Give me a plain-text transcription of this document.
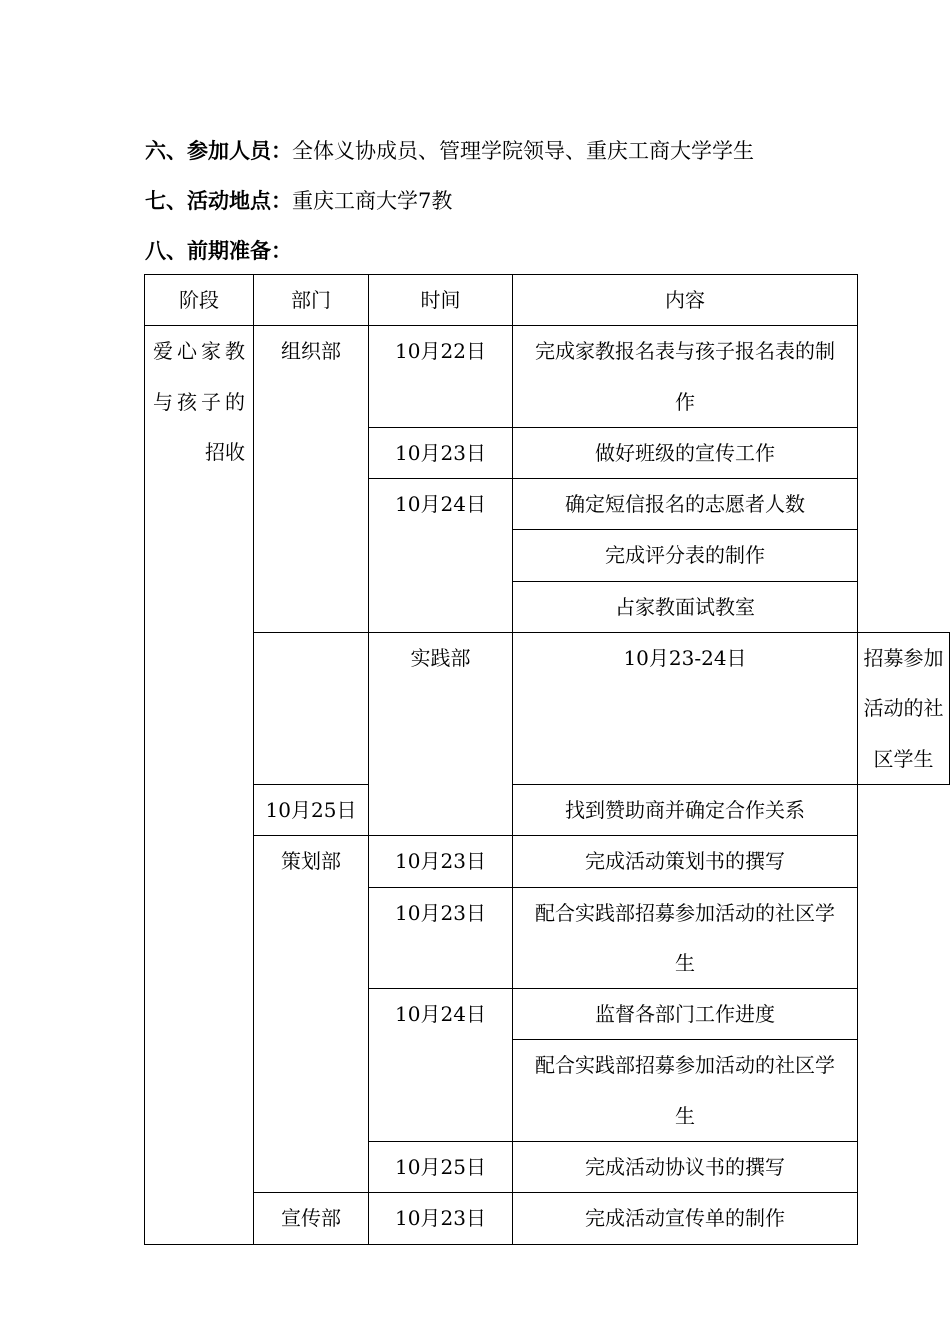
六、参加人员：全体义协成员、管理学院领导、重庆工商大学学生
七、活动地点：重庆工商大学7教
八、前期准备：
阶段	部门	时间	内容	

爱心家教与孩子的招收	组织部	10月22日	完成家教报名表与孩子报名表的制作	

		10月23日	做好班级的宣传工作	
		10月24日	确定短信报名的志愿者人数	
			完成评分表的制作	
			占家教面试教室	
		实践部	10月23-24日	招募参加活动的社区学生

	10月25日		找到赞助商并确定合作关系	
	策划部	10月23日	完成活动策划书的撰写	
		10月23日	配合实践部招募参加活动的社区学生	

		10月24日	监督各部门工作进度	
			配合实践部招募参加活动的社区学生	

		10月25日	完成活动协议书的撰写	
	宣传部	10月23日	完成活动宣传单的制作	
